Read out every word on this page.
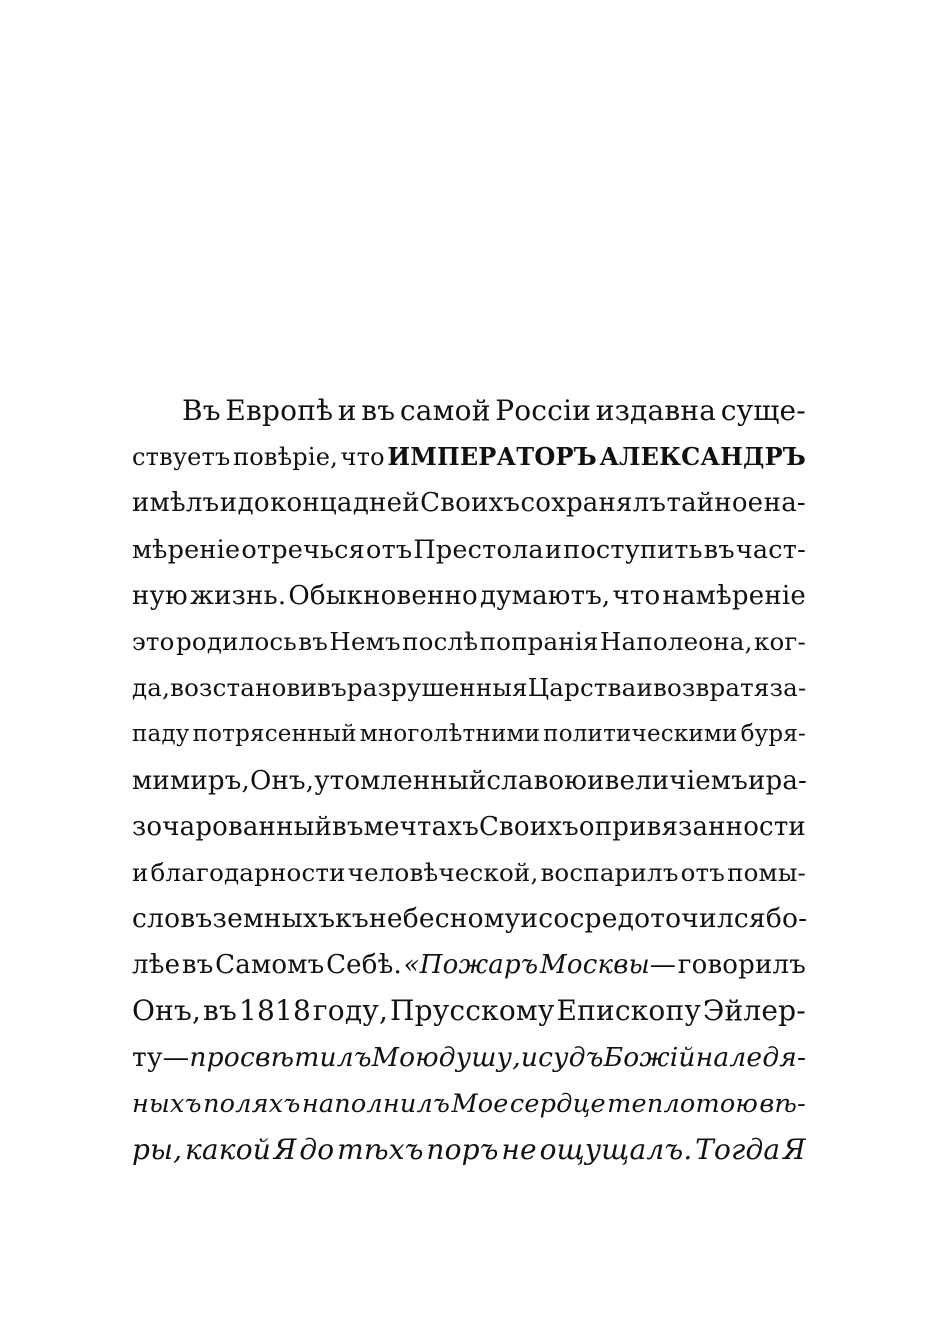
Въ Европѣ и въ самой Россіи издавна суще-
ствуетъ повѣріе, что ИМПЕРАТОРЪ АЛЕКСАНДРЪ
имѣлъ и до конца дней Своихъ сохранялъ тайное на-
мѣреніе отречься отъ Престола и поступить въ част-
ную жизнь. Обыкновенно думаютъ, что намѣреніе
это родилось въ Немъ послѣ попранія Наполеона, ког-
да, возстановивъ разрушенныя Царства и возвратя за-
паду потрясенный многолѣтними политическими буря-
ми миръ, Онъ, утомленный славою и величіемъ и ра-
зочарованный въ мечтахъ Своихъ о привязанности
и благодарности человѣческой, воспарилъ отъ помы-
словъ земныхъ къ небесному и сосредоточился бо-
лѣе въ Самомъ Себѣ. «Пожаръ Москвы— говорилъ
Онъ, въ 1818 году, Прусскому Епископу Эйлер-
ту — просвѣтилъ Мою душу, и судъ Божій на ледя-
ныхъ поляхъ наполнилъ Мое сердце теплотою вѣ-
ры, какой Я до тѣхъ поръ не ощущалъ. Тогда Я
